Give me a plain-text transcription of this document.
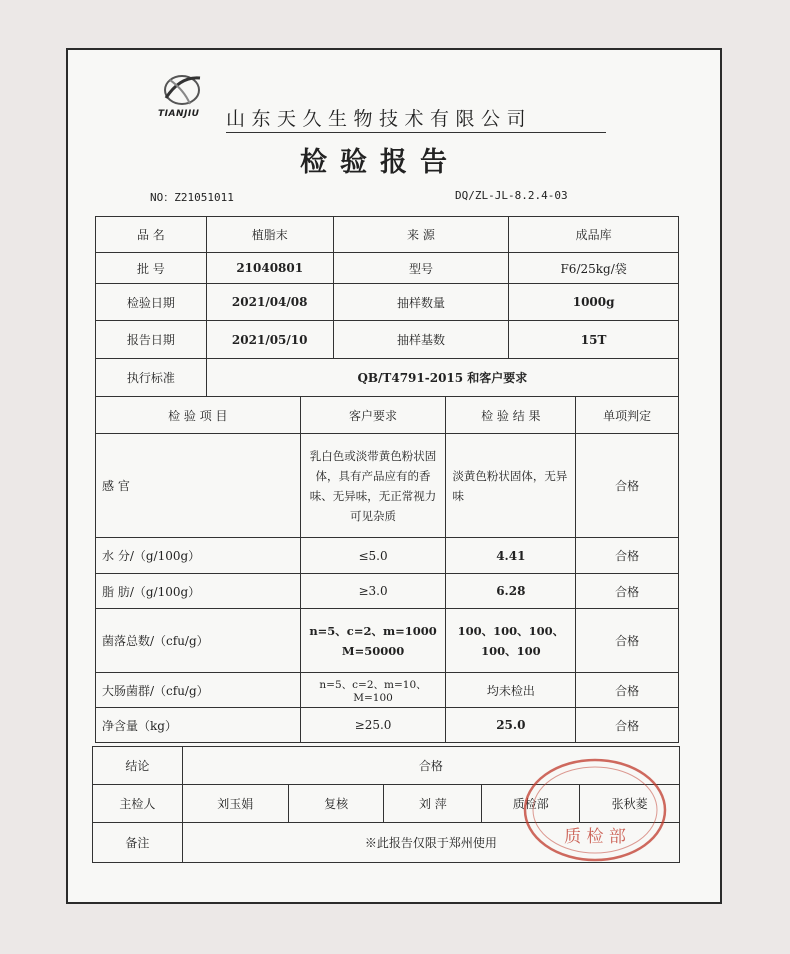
TIANJIU 山东天久生物技术有限公司
检验报告
NO：Z21051011	DQ/ZL-JL-8.2.4-03
品 名	植脂末	来 源	成品库
批 号	21040801	型号	F6/25kg/袋
检验日期	2021/04/08	抽样数量	1000g
报告日期	2021/05/10	抽样基数	15T
执行标准	QB/T4791-2015 和客户要求		
检 验 项 目	客户要求	检 验 结 果	单项判定
感 官	乳白色或淡带黄色粉状固体，具有产品应有的香味、无异味，无正常视力可见杂质	淡黄色粉状固体，无异味	合格
水 分/（g/100g）	≤5.0	4.41	合格
脂 肪/（g/100g）	≥3.0	6.28	合格
菌落总数/（cfu/g）	n=5、c=2、m=1000 M=50000	100、100、100、100、100	合格
大肠菌群/（cfu/g）	n=5、c=2、m=10、M=100	均未检出	合格
净含量（kg）	≥25.0	25.0	合格
结论	合格				
主检人	刘玉娟	复核	刘 萍	质检部	张秋菱
备注	※此报告仅限于郑州使用					质 检 部
